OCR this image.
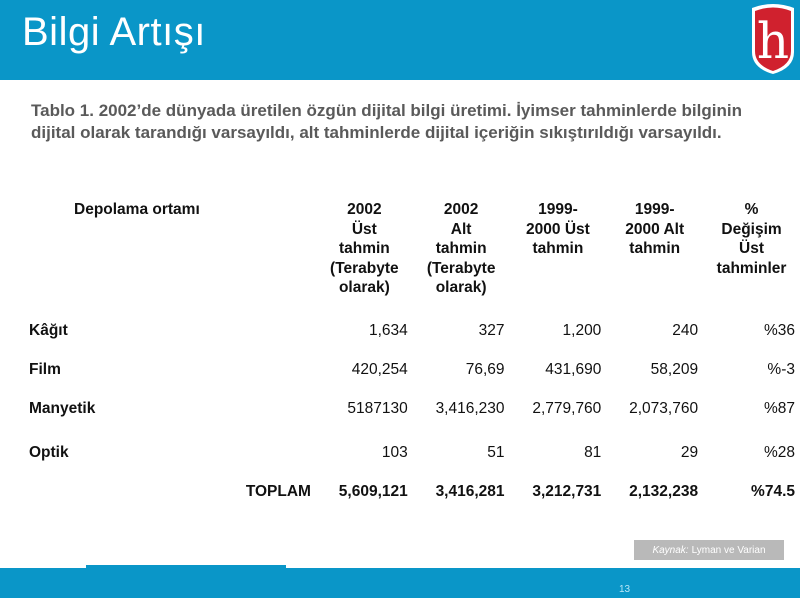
Bilgi Artışı	h
Tablo 1. 2002’de dünyada üretilen özgün dijital bilgi üretimi. İyimser tahminlerde bilginin dijital olarak tarandığı varsayıldı, alt tahminlerde dijital içeriğin sıkıştırıldığı varsayıldı.
Depolama ortamı	2002
Üst
tahmin
(Terabyte
olarak)	2002
Alt
tahmin
(Terabyte
olarak)	1999-
2000 Üst
tahmin	1999-
2000 Alt
tahmin	%
Değişim
Üst
tahminler
Kâğıt	1,634	327	1,200	240	%36
Film	420,254	76,69	431,690	58,209	%-3
Manyetik	5187130	3,416,230	2,779,760	2,073,760	%87
Optik	103	51	81	29	%28
TOPLAM	5,609,121	3,416,281	3,212,731	2,132,238	%74.5
Kaynak: Lyman ve Varian
13
